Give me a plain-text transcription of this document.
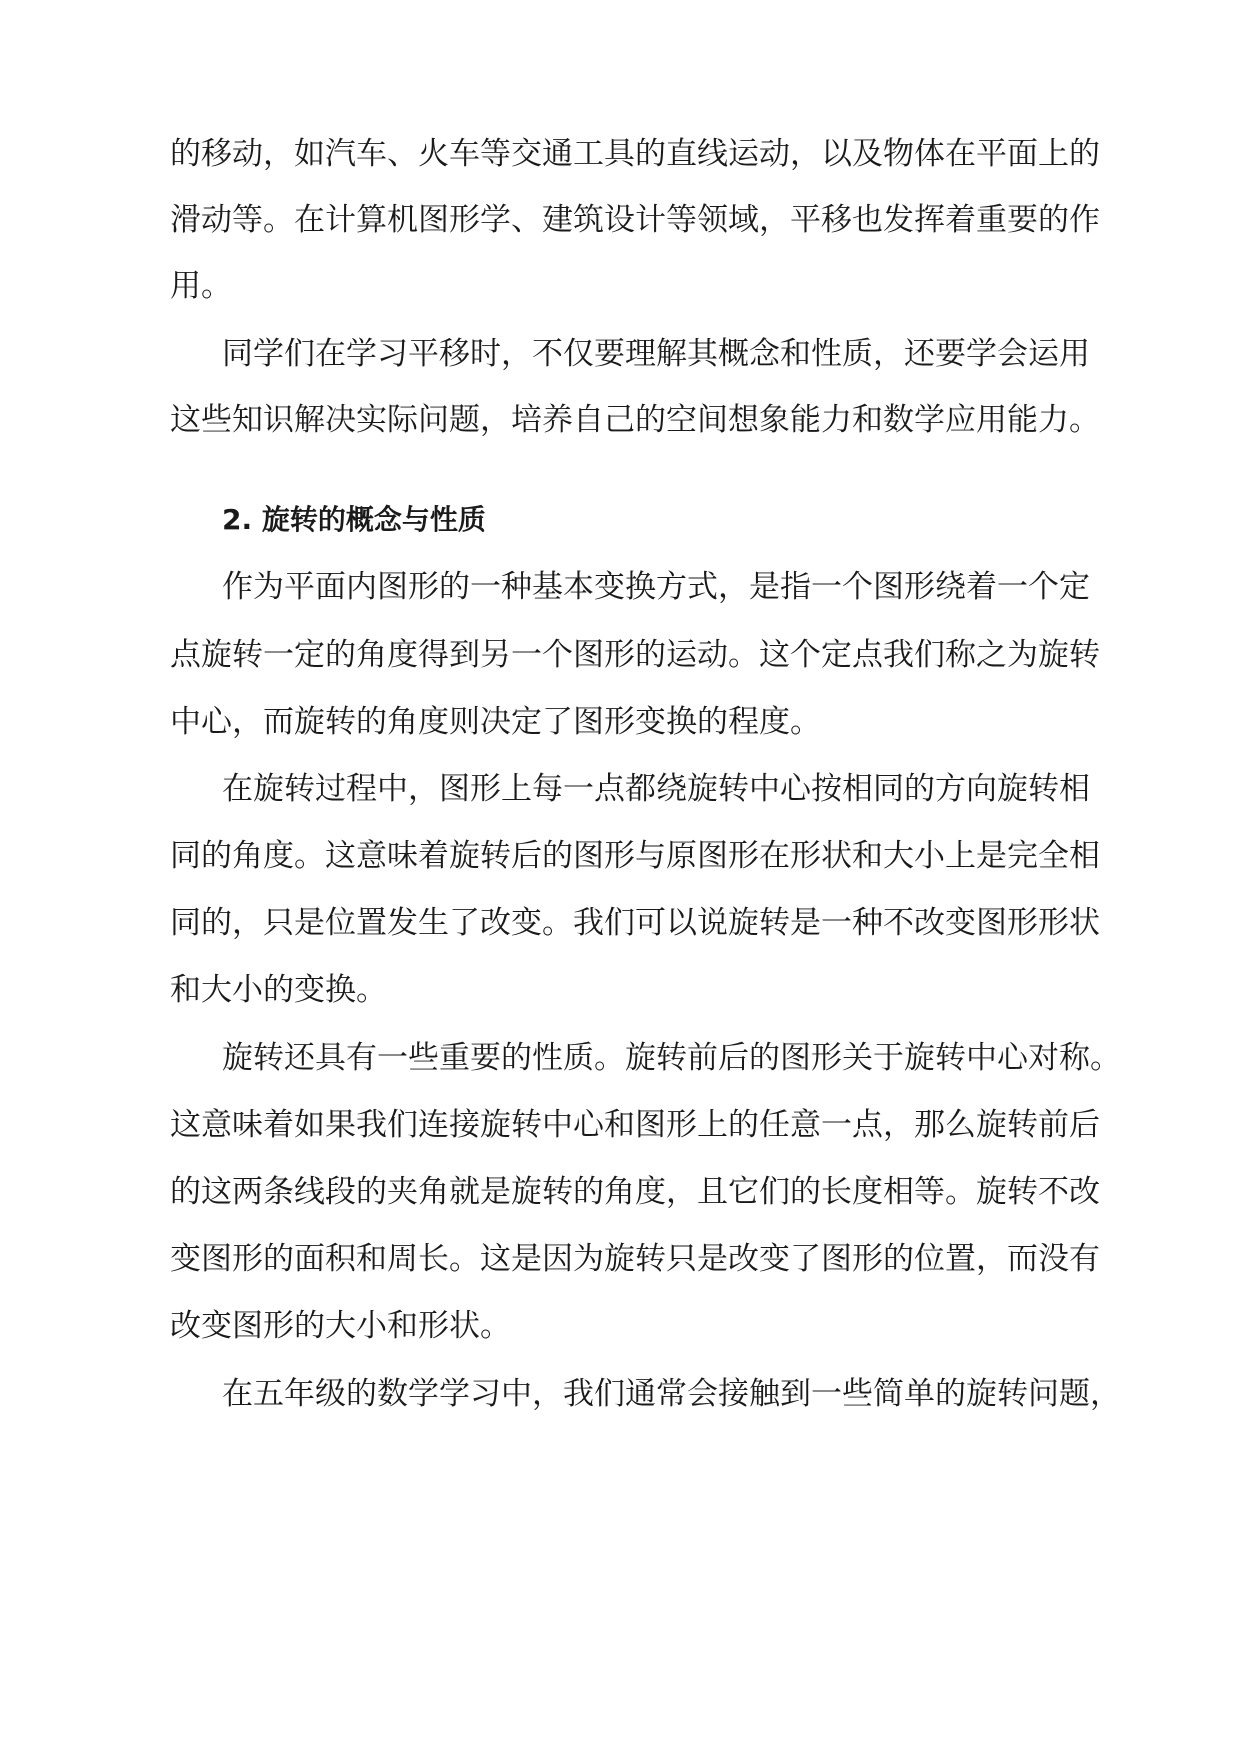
的移动，如汽车、火车等交通工具的直线运动，以及物体在平面上的
滑动等。在计算机图形学、建筑设计等领域，平移也发挥着重要的作
用。
同学们在学习平移时，不仅要理解其概念和性质，还要学会运用
这些知识解决实际问题，培养自己的空间想象能力和数学应用能力。
2. 旋转的概念与性质
作为平面内图形的一种基本变换方式，是指一个图形绕着一个定
点旋转一定的角度得到另一个图形的运动。这个定点我们称之为旋转
中心，而旋转的角度则决定了图形变换的程度。
在旋转过程中，图形上每一点都绕旋转中心按相同的方向旋转相
同的角度。这意味着旋转后的图形与原图形在形状和大小上是完全相
同的，只是位置发生了改变。我们可以说旋转是一种不改变图形形状
和大小的变换。
旋转还具有一些重要的性质。旋转前后的图形关于旋转中心对称。
这意味着如果我们连接旋转中心和图形上的任意一点，那么旋转前后
的这两条线段的夹角就是旋转的角度，且它们的长度相等。旋转不改
变图形的面积和周长。这是因为旋转只是改变了图形的位置，而没有
改变图形的大小和形状。
在五年级的数学学习中，我们通常会接触到一些简单的旋转问题，
